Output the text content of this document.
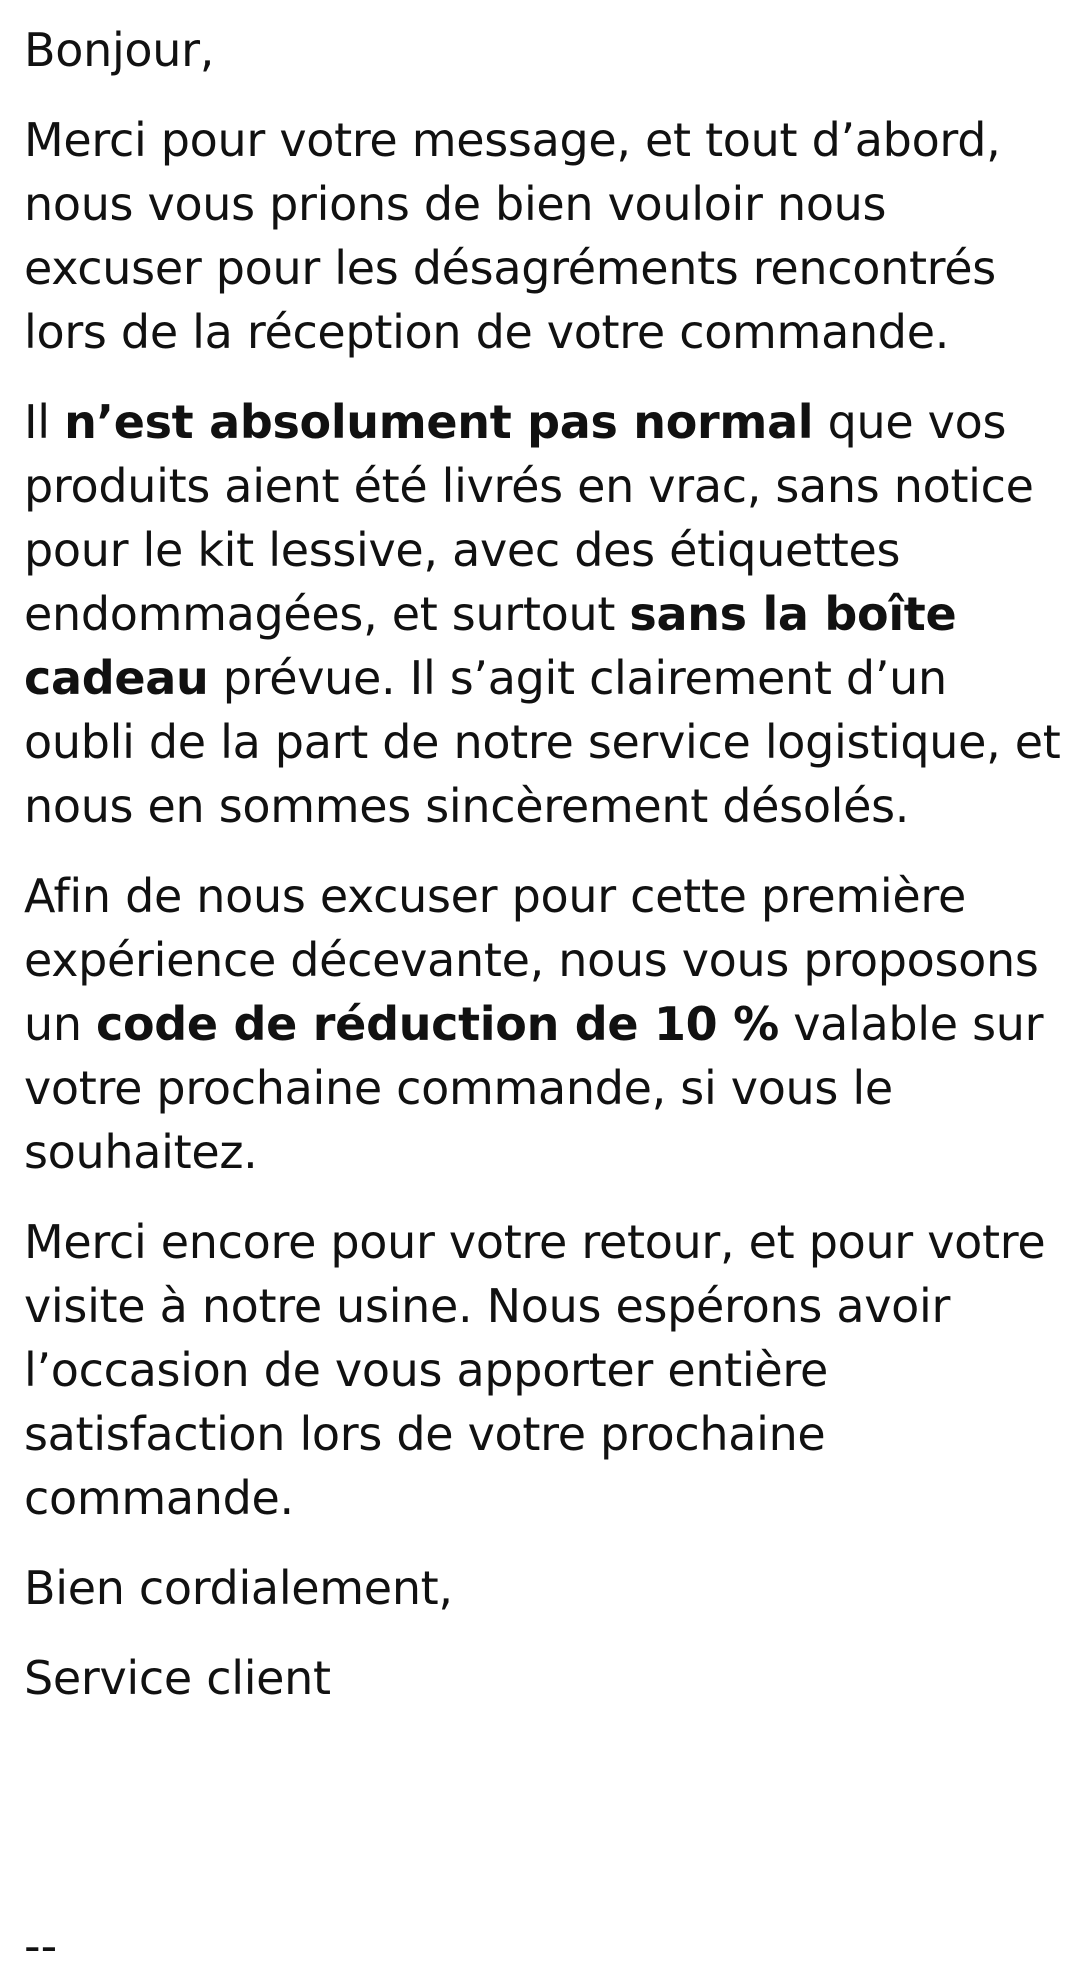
Bonjour,

Merci pour votre message, et tout d’abord, nous vous prions de bien vouloir nous excuser pour les désagréments rencontrés lors de la réception de votre commande.

Il n’est absolument pas normal que vos produits aient été livrés en vrac, sans notice pour le kit lessive, avec des étiquettes endommagées, et surtout sans la boîte cadeau prévue. Il s’agit clairement d’un oubli de la part de notre service logistique, et nous en sommes sincèrement désolés.

Afin de nous excuser pour cette première expérience décevante, nous vous proposons un code de réduction de 10 % valable sur votre prochaine commande, si vous le souhaitez.

Merci encore pour votre retour, et pour votre visite à notre usine. Nous espérons avoir l’occasion de vous apporter entière satisfaction lors de votre prochaine commande.

Bien cordialement,

Service client

--
